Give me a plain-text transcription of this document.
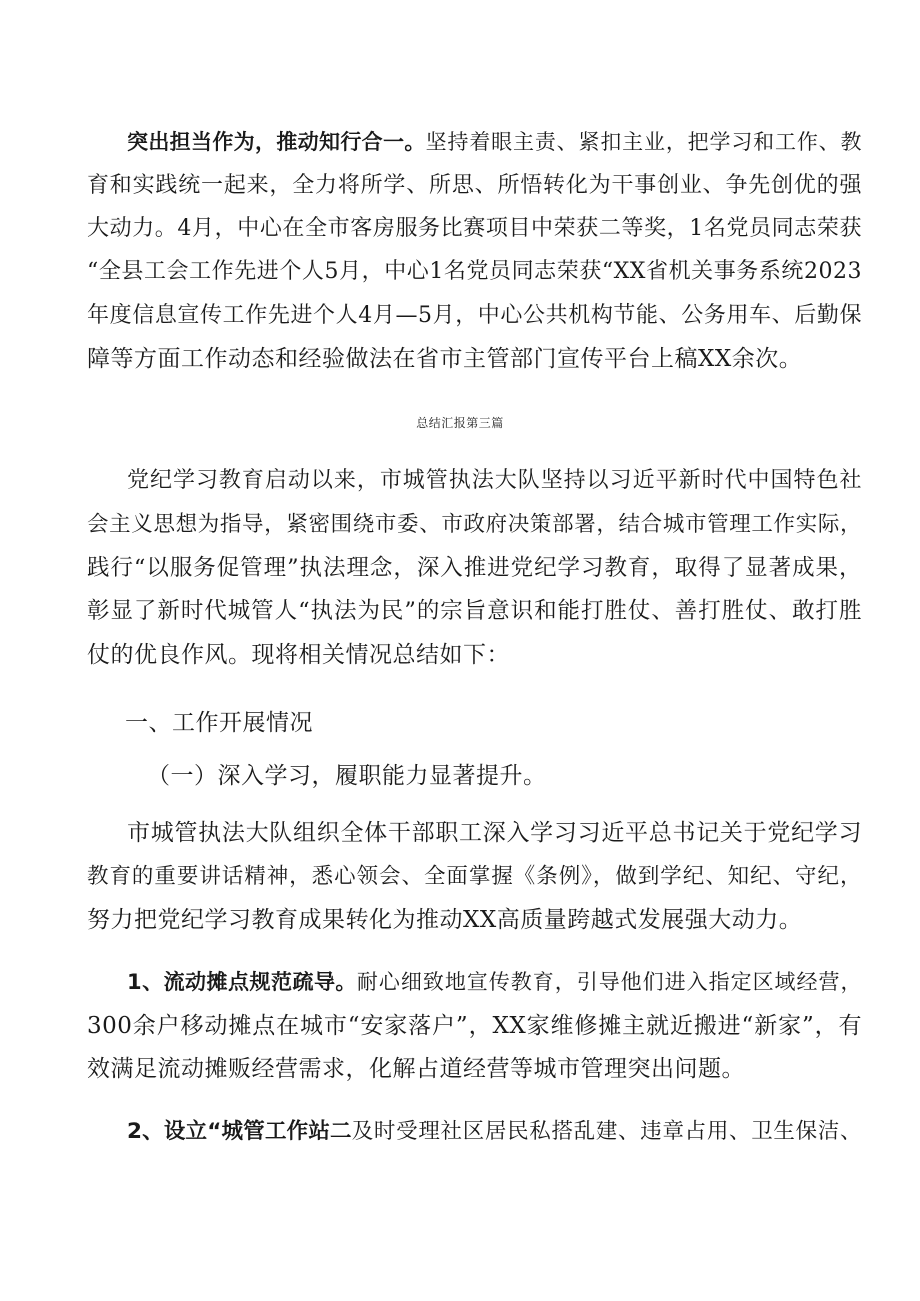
突出担当作为，推动知行合一。坚持着眼主责、紧扣主业，把学习和工作、教
育和实践统一起来，全力将所学、所思、所悟转化为干事创业、争先创优的强
大动力。4月，中心在全市客房服务比赛项目中荣获二等奖，1名党员同志荣获
“全县工会工作先进个人5月，中心1名党员同志荣获“XX省机关事务系统2023
年度信息宣传工作先进个人4月—5月，中心公共机构节能、公务用车、后勤保
障等方面工作动态和经验做法在省市主管部门宣传平台上稿XX余次。
总结汇报第三篇
党纪学习教育启动以来，市城管执法大队坚持以习近平新时代中国特色社
会主义思想为指导，紧密围绕市委、市政府决策部署，结合城市管理工作实际，
践行“以服务促管理”执法理念，深入推进党纪学习教育，取得了显著成果，
彰显了新时代城管人“执法为民”的宗旨意识和能打胜仗、善打胜仗、敢打胜
仗的优良作风。现将相关情况总结如下：
一、工作开展情况
（一）深入学习，履职能力显著提升。
市城管执法大队组织全体干部职工深入学习习近平总书记关于党纪学习
教育的重要讲话精神，悉心领会、全面掌握《条例》，做到学纪、知纪、守纪，
努力把党纪学习教育成果转化为推动XX高质量跨越式发展强大动力。
1、流动摊点规范疏导。耐心细致地宣传教育，引导他们进入指定区域经营，
300余户移动摊点在城市“安家落户”，XX家维修摊主就近搬进“新家”，有
效满足流动摊贩经营需求，化解占道经营等城市管理突出问题。
2、设立“城管工作站二及时受理社区居民私搭乱建、违章占用、卫生保洁、
